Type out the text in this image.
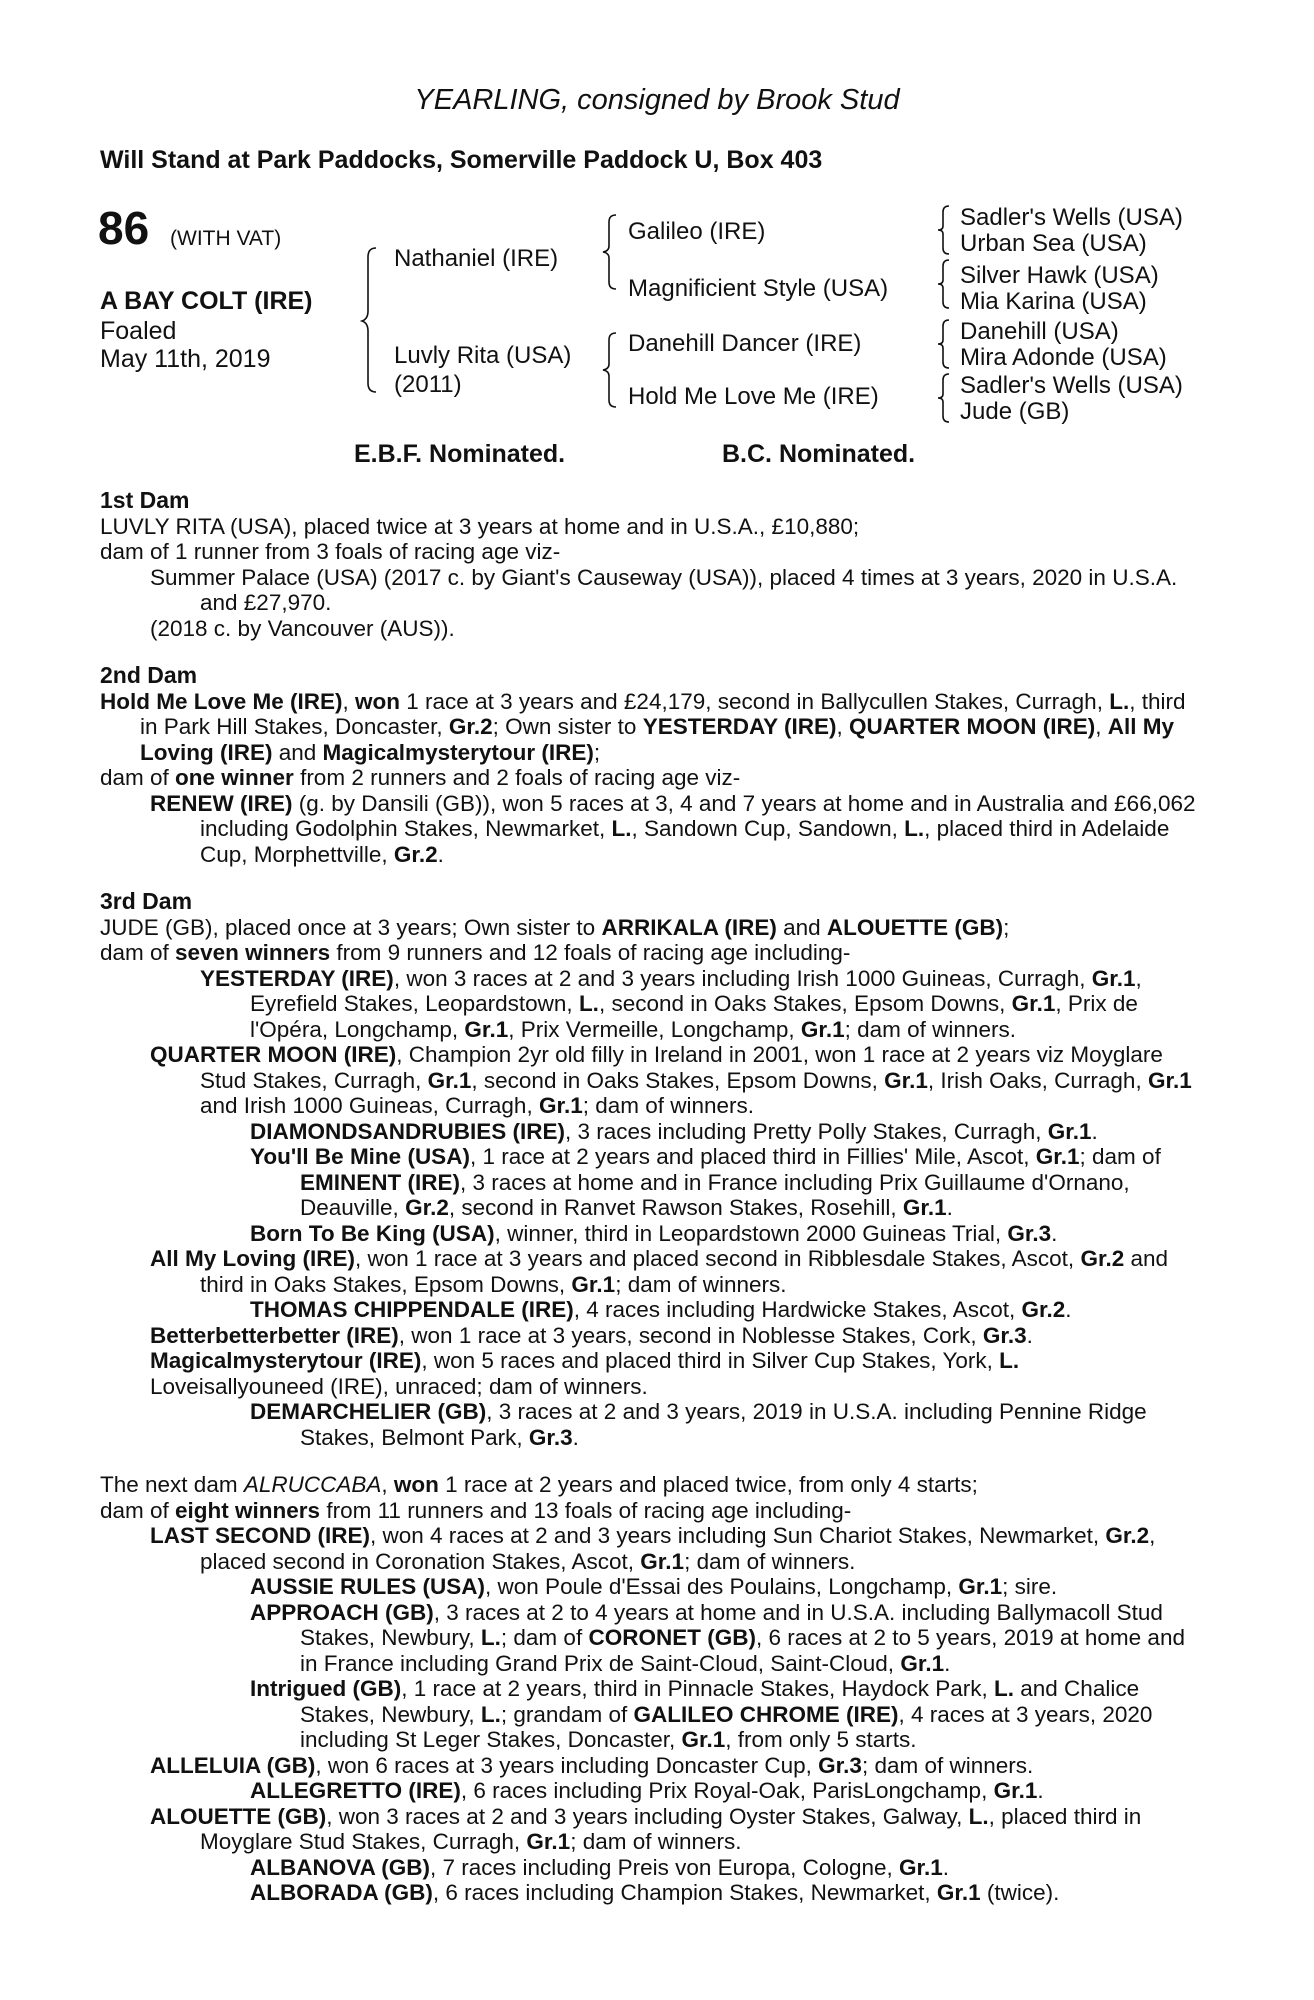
YEARLING, consigned by Brook Stud
Will Stand at Park Paddocks, Somerville Paddock U, Box 403
86 (WITH VAT)
A BAY COLT (IRE)
Foaled
May 11th, 2019
Nathaniel (IRE)
Luvly Rita (USA)
(2011)
Galileo (IRE)
Magnificient Style (USA)
Danehill Dancer (IRE)
Hold Me Love Me (IRE)
Sadler's Wells (USA)
Urban Sea (USA)
Silver Hawk (USA)
Mia Karina (USA)
Danehill (USA)
Mira Adonde (USA)
Sadler's Wells (USA)
Jude (GB)
E.B.F. Nominated.	B.C. Nominated.
1st Dam

LUVLY RITA (USA), placed twice at 3 years at home and in U.S.A., £10,880;

dam of 1 runner from 3 foals of racing age viz-

Summer Palace (USA) (2017 c. by Giant's Causeway (USA)), placed 4 times at 3 years, 2020 in U.S.A. and £27,970.

(2018 c. by Vancouver (AUS)).

2nd Dam

Hold Me Love Me (IRE), won 1 race at 3 years and £24,179, second in Ballycullen Stakes, Curragh, L., third in Park Hill Stakes, Doncaster, Gr.2; Own sister to YESTERDAY (IRE), QUARTER MOON (IRE), All My Loving (IRE) and Magicalmysterytour (IRE);

dam of one winner from 2 runners and 2 foals of racing age viz-

RENEW (IRE) (g. by Dansili (GB)), won 5 races at 3, 4 and 7 years at home and in Australia and £66,062 including Godolphin Stakes, Newmarket, L., Sandown Cup, Sandown, L., placed third in Adelaide Cup, Morphettville, Gr.2.

3rd Dam

JUDE (GB), placed once at 3 years; Own sister to ARRIKALA (IRE) and ALOUETTE (GB);

dam of seven winners from 9 runners and 12 foals of racing age including-

YESTERDAY (IRE), won 3 races at 2 and 3 years including Irish 1000 Guineas, Curragh, Gr.1, Eyrefield Stakes, Leopardstown, L., second in Oaks Stakes, Epsom Downs, Gr.1, Prix de l'Opéra, Longchamp, Gr.1, Prix Vermeille, Longchamp, Gr.1; dam of winners.

QUARTER MOON (IRE), Champion 2yr old filly in Ireland in 2001, won 1 race at 2 years viz Moyglare Stud Stakes, Curragh, Gr.1, second in Oaks Stakes, Epsom Downs, Gr.1, Irish Oaks, Curragh, Gr.1 and Irish 1000 Guineas, Curragh, Gr.1; dam of winners.

DIAMONDSANDRUBIES (IRE), 3 races including Pretty Polly Stakes, Curragh, Gr.1.

You'll Be Mine (USA), 1 race at 2 years and placed third in Fillies' Mile, Ascot, Gr.1; dam of EMINENT (IRE), 3 races at home and in France including Prix Guillaume d'Ornano, Deauville, Gr.2, second in Ranvet Rawson Stakes, Rosehill, Gr.1.

Born To Be King (USA), winner, third in Leopardstown 2000 Guineas Trial, Gr.3.

All My Loving (IRE), won 1 race at 3 years and placed second in Ribblesdale Stakes, Ascot, Gr.2 and third in Oaks Stakes, Epsom Downs, Gr.1; dam of winners.

THOMAS CHIPPENDALE (IRE), 4 races including Hardwicke Stakes, Ascot, Gr.2.

Betterbetterbetter (IRE), won 1 race at 3 years, second in Noblesse Stakes, Cork, Gr.3.

Magicalmysterytour (IRE), won 5 races and placed third in Silver Cup Stakes, York, L.

Loveisallyouneed (IRE), unraced; dam of winners.

DEMARCHELIER (GB), 3 races at 2 and 3 years, 2019 in U.S.A. including Pennine Ridge Stakes, Belmont Park, Gr.3.

The next dam ALRUCCABA, won 1 race at 2 years and placed twice, from only 4 starts;

dam of eight winners from 11 runners and 13 foals of racing age including-

LAST SECOND (IRE), won 4 races at 2 and 3 years including Sun Chariot Stakes, Newmarket, Gr.2, placed second in Coronation Stakes, Ascot, Gr.1; dam of winners.

AUSSIE RULES (USA), won Poule d'Essai des Poulains, Longchamp, Gr.1; sire.

APPROACH (GB), 3 races at 2 to 4 years at home and in U.S.A. including Ballymacoll Stud Stakes, Newbury, L.; dam of CORONET (GB), 6 races at 2 to 5 years, 2019 at home and in France including Grand Prix de Saint-Cloud, Saint-Cloud, Gr.1.

Intrigued (GB), 1 race at 2 years, third in Pinnacle Stakes, Haydock Park, L. and Chalice Stakes, Newbury, L.; grandam of GALILEO CHROME (IRE), 4 races at 3 years, 2020 including St Leger Stakes, Doncaster, Gr.1, from only 5 starts.

ALLELUIA (GB), won 6 races at 3 years including Doncaster Cup, Gr.3; dam of winners.

ALLEGRETTO (IRE), 6 races including Prix Royal-Oak, ParisLongchamp, Gr.1.

ALOUETTE (GB), won 3 races at 2 and 3 years including Oyster Stakes, Galway, L., placed third in Moyglare Stud Stakes, Curragh, Gr.1; dam of winners.

ALBANOVA (GB), 7 races including Preis von Europa, Cologne, Gr.1.

ALBORADA (GB), 6 races including Champion Stakes, Newmarket, Gr.1 (twice).
